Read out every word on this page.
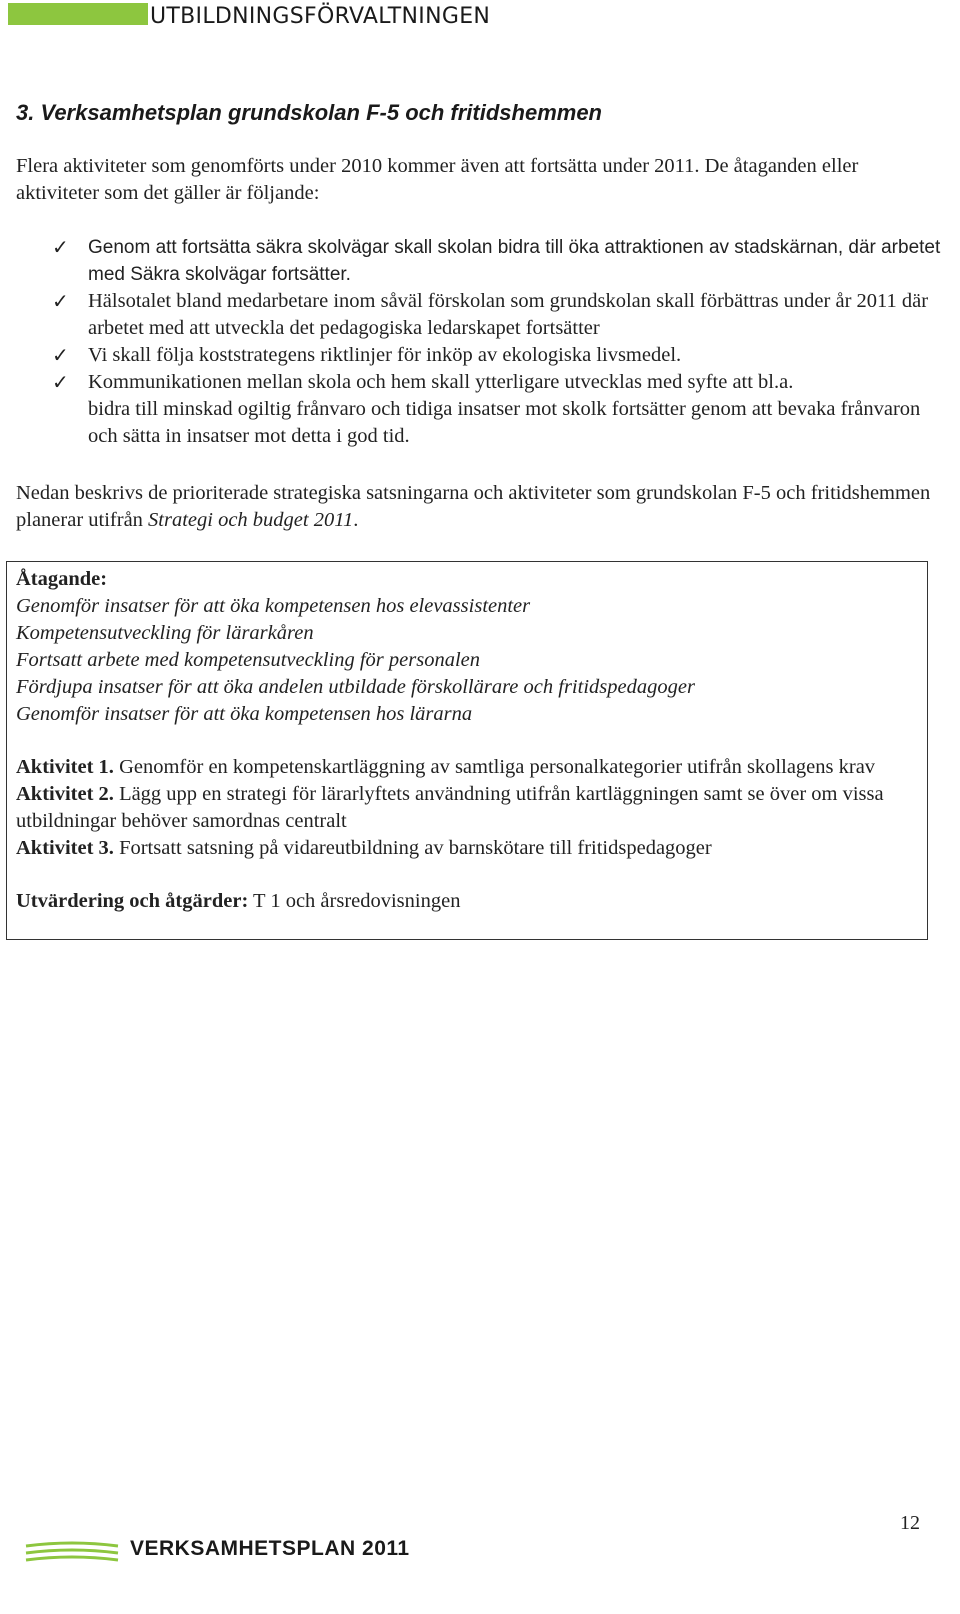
UTBILDNINGSFÖRVALTNINGEN
3. Verksamhetsplan grundskolan F-5 och fritidshemmen

Flera aktiviteter som genomförts under 2010 kommer även att fortsätta under 2011. De åtaganden eller aktiviteter som det gäller är följande:

✓ Genom att fortsätta säkra skolvägar skall skolan bidra till öka attraktionen av stadskärnan, där arbetet med Säkra skolvägar fortsätter.
✓ Hälsotalet bland medarbetare inom såväl förskolan som grundskolan skall förbättras under år 2011 där arbetet med att utveckla det pedagogiska ledarskapet fortsätter
✓ Vi skall följa koststrategens riktlinjer för inköp av ekologiska livsmedel.
✓ Kommunikationen mellan skola och hem skall ytterligare utvecklas med syfte att bl.a.
bidra till minskad ogiltig frånvaro och tidiga insatser mot skolk fortsätter genom att bevaka frånvaron och sätta in insatser mot detta i god tid.

Nedan beskrivs de prioriterade strategiska satsningarna och aktiviteter som grundskolan F-5 och fritidshemmen planerar utifrån Strategi och budget 2011.

Åtagande:
Genomför insatser för att öka kompetensen hos elevassistenter
Kompetensutveckling för lärarkåren
Fortsatt arbete med kompetensutveckling för personalen
Fördjupa insatser för att öka andelen utbildade förskollärare och fritidspedagoger
Genomför insatser för att öka kompetensen hos lärarna
Aktivitet 1. Genomför en kompetenskartläggning av samtliga personalkategorier utifrån skollagens krav
Aktivitet 2. Lägg upp en strategi för lärarlyftets användning utifrån kartläggningen samt se över om vissa utbildningar behöver samordnas centralt
Aktivitet 3. Fortsatt satsning på vidareutbildning av barnskötare till fritidspedagoger
Utvärdering och åtgärder: T 1 och årsredovisningen
12
VERKSAMHETSPLAN 2011
